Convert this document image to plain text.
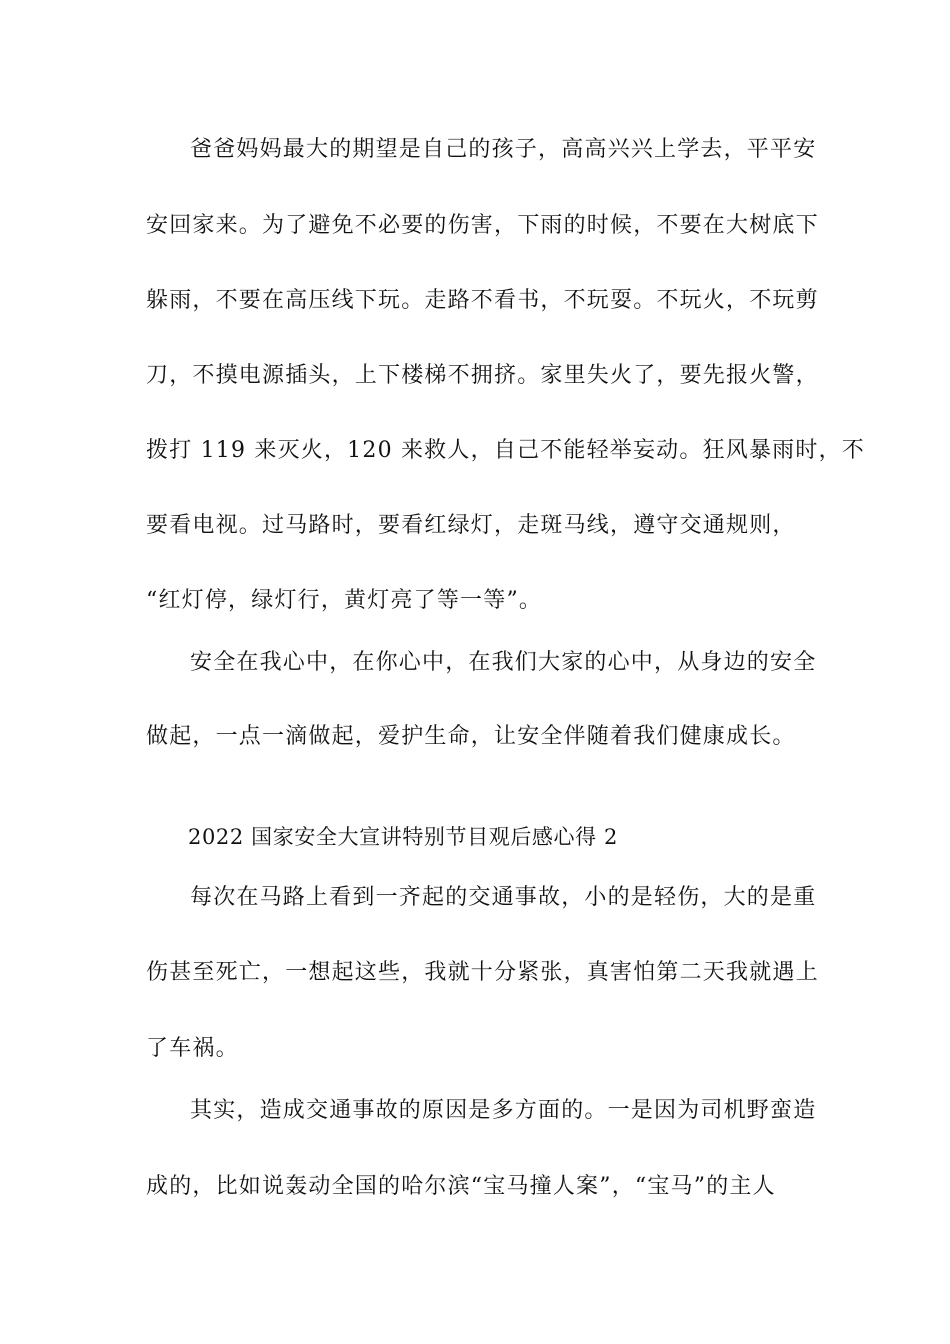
爸爸妈妈最大的期望是自己的孩子，高高兴兴上学去，平平安
安回家来。为了避免不必要的伤害，下雨的时候，不要在大树底下
躲雨，不要在高压线下玩。走路不看书，不玩耍。不玩火，不玩剪
刀，不摸电源插头，上下楼梯不拥挤。家里失火了，要先报火警，
拨打 119 来灭火，120 来救人，自己不能轻举妄动。狂风暴雨时，不
要看电视。过马路时，要看红绿灯，走斑马线，遵守交通规则，
“红灯停，绿灯行，黄灯亮了等一等”。
安全在我心中，在你心中，在我们大家的心中，从身边的安全
做起，一点一滴做起，爱护生命，让安全伴随着我们健康成长。
2022 国家安全大宣讲特别节目观后感心得 2
每次在马路上看到一齐起的交通事故，小的是轻伤，大的是重
伤甚至死亡，一想起这些，我就十分紧张，真害怕第二天我就遇上
了车祸。
其实，造成交通事故的原因是多方面的。一是因为司机野蛮造
成的，比如说轰动全国的哈尔滨“宝马撞人案”，“宝马”的主人
